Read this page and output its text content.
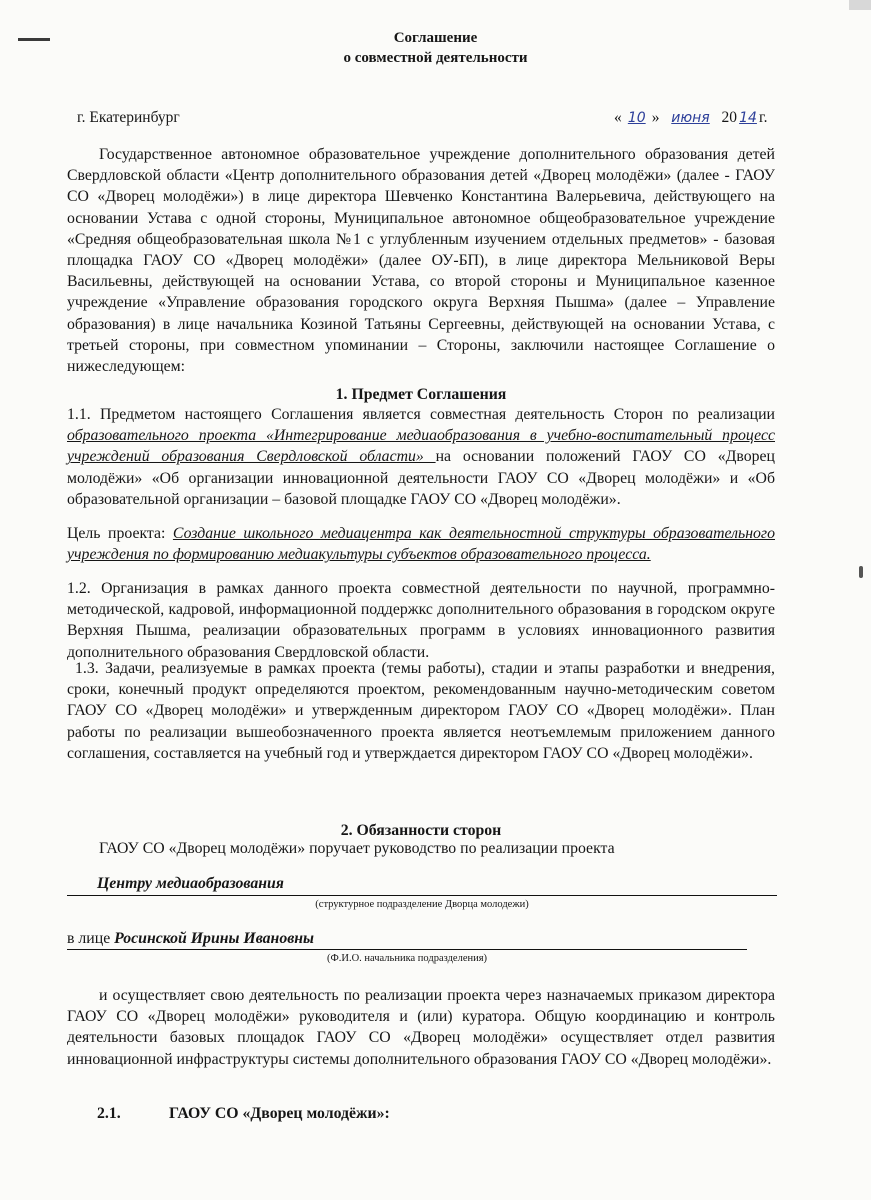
Соглашение
о совместной деятельности
г. Екатеринбург	« 10 » июня 20 14 г.
Государственное автономное образовательное учреждение дополнительного образования детей Свердловской области «Центр дополнительного образования детей «Дворец молодёжи» (далее - ГАОУ СО «Дворец молодёжи») в лице директора Шевченко Константина Валерьевича, действующего на основании Устава с одной стороны, Муниципальное автономное общеобразовательное учреждение «Средняя общеобразовательная школа №1 с углубленным изучением отдельных предметов» - базовая площадка ГАОУ СО «Дворец молодёжи» (далее ОУ-БП), в лице директора Мельниковой Веры Васильевны, действующей на основании Устава, со второй стороны и Муниципальное казенное учреждение «Управление образования городского округа Верхняя Пышма» (далее – Управление образования) в лице начальника Козиной Татьяны Сергеевны, действующей на основании Устава, с третьей стороны, при совместном упоминании – Стороны, заключили настоящее Соглашение о нижеследующем:
1. Предмет Соглашения
1.1. Предметом настоящего Соглашения является совместная деятельность Сторон по реализации образовательного проекта «Интегрирование медиаобразования в учебно-воспитательный процесс учреждений образования Свердловской области» на основании положений ГАОУ СО «Дворец молодёжи» «Об организации инновационной деятельности ГАОУ СО «Дворец молодёжи» и «Об образовательной организации – базовой площадке ГАОУ СО «Дворец молодёжи».
Цель проекта: Создание школьного медиацентра как деятельностной структуры образовательного учреждения по формированию медиакультуры субъектов образовательного процесса.
1.2. Организация в рамках данного проекта совместной деятельности по научной, программно-методической, кадровой, информационной поддержкс дополнительного образования в городском округе Верхняя Пышма, реализации образовательных программ в условиях инновационного развития дополнительного образования Свердловской области.
1.3. Задачи, реализуемые в рамках проекта (темы работы), стадии и этапы разработки и внедрения, сроки, конечный продукт определяются проектом, рекомендованным научно-методическим советом ГАОУ СО «Дворец молодёжи» и утвержденным директором ГАОУ СО «Дворец молодёжи». План работы по реализации вышеобозначенного проекта является неотъемлемым приложением данного соглашения, составляется на учебный год и утверждается директором ГАОУ СО «Дворец молодёжи».
2. Обязанности сторон
ГАОУ СО «Дворец молодёжи» поручает руководство по реализации проекта
Центру медиаобразования
(структурное подразделение Дворца молодежи)
в лице Росинской Ирины Ивановны
(Ф.И.О. начальника подразделения)
и осуществляет свою деятельность по реализации проекта через назначаемых приказом директора ГАОУ СО «Дворец молодёжи» руководителя и (или) куратора. Общую координацию и контроль деятельности базовых площадок ГАОУ СО «Дворец молодёжи» осуществляет отдел развития инновационной инфраструктуры системы дополнительного образования ГАОУ СО «Дворец молодёжи».
2.1.	ГАОУ СО «Дворец молодёжи»:
